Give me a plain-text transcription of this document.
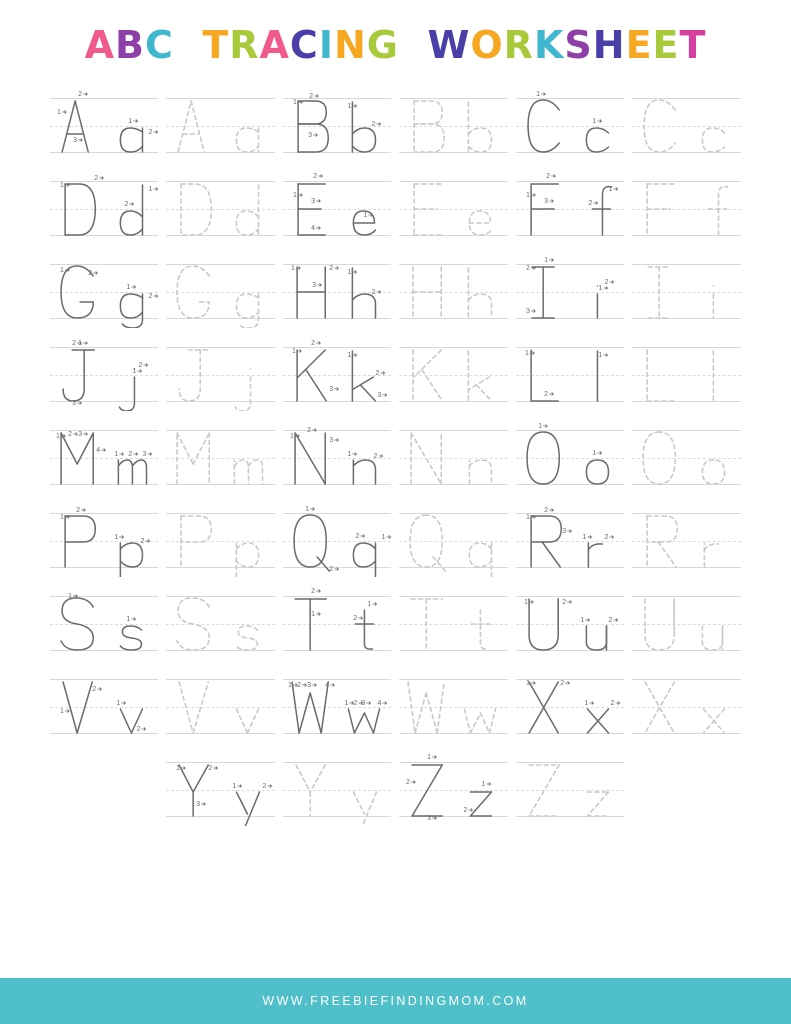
ABC TRACING WORKSHEET
1
2
3
1
2
1
2
3
1
2
1
1
1
2
1
2
1
2
3
4
1
1
2
3
1
2
1	2
1
2
1	2
3
1
2
1
2
3
1
2
1
2
3
1
2
1
2
3
1
2
3
1
2
1
1 2 3
4
1 2 3
1
2
3
1	2
1
1
1
2
1
2
1
2
1
2
1
2
3
1	2
1
1
1
2
1
2
1	2
1	2
1
2
1
2
1 2 3 4
1 2 3 4
1	2
1	2
1	2
3
1	2
1
2
3
1
2
WWW.FREEBIEFINDINGMOM.COM
